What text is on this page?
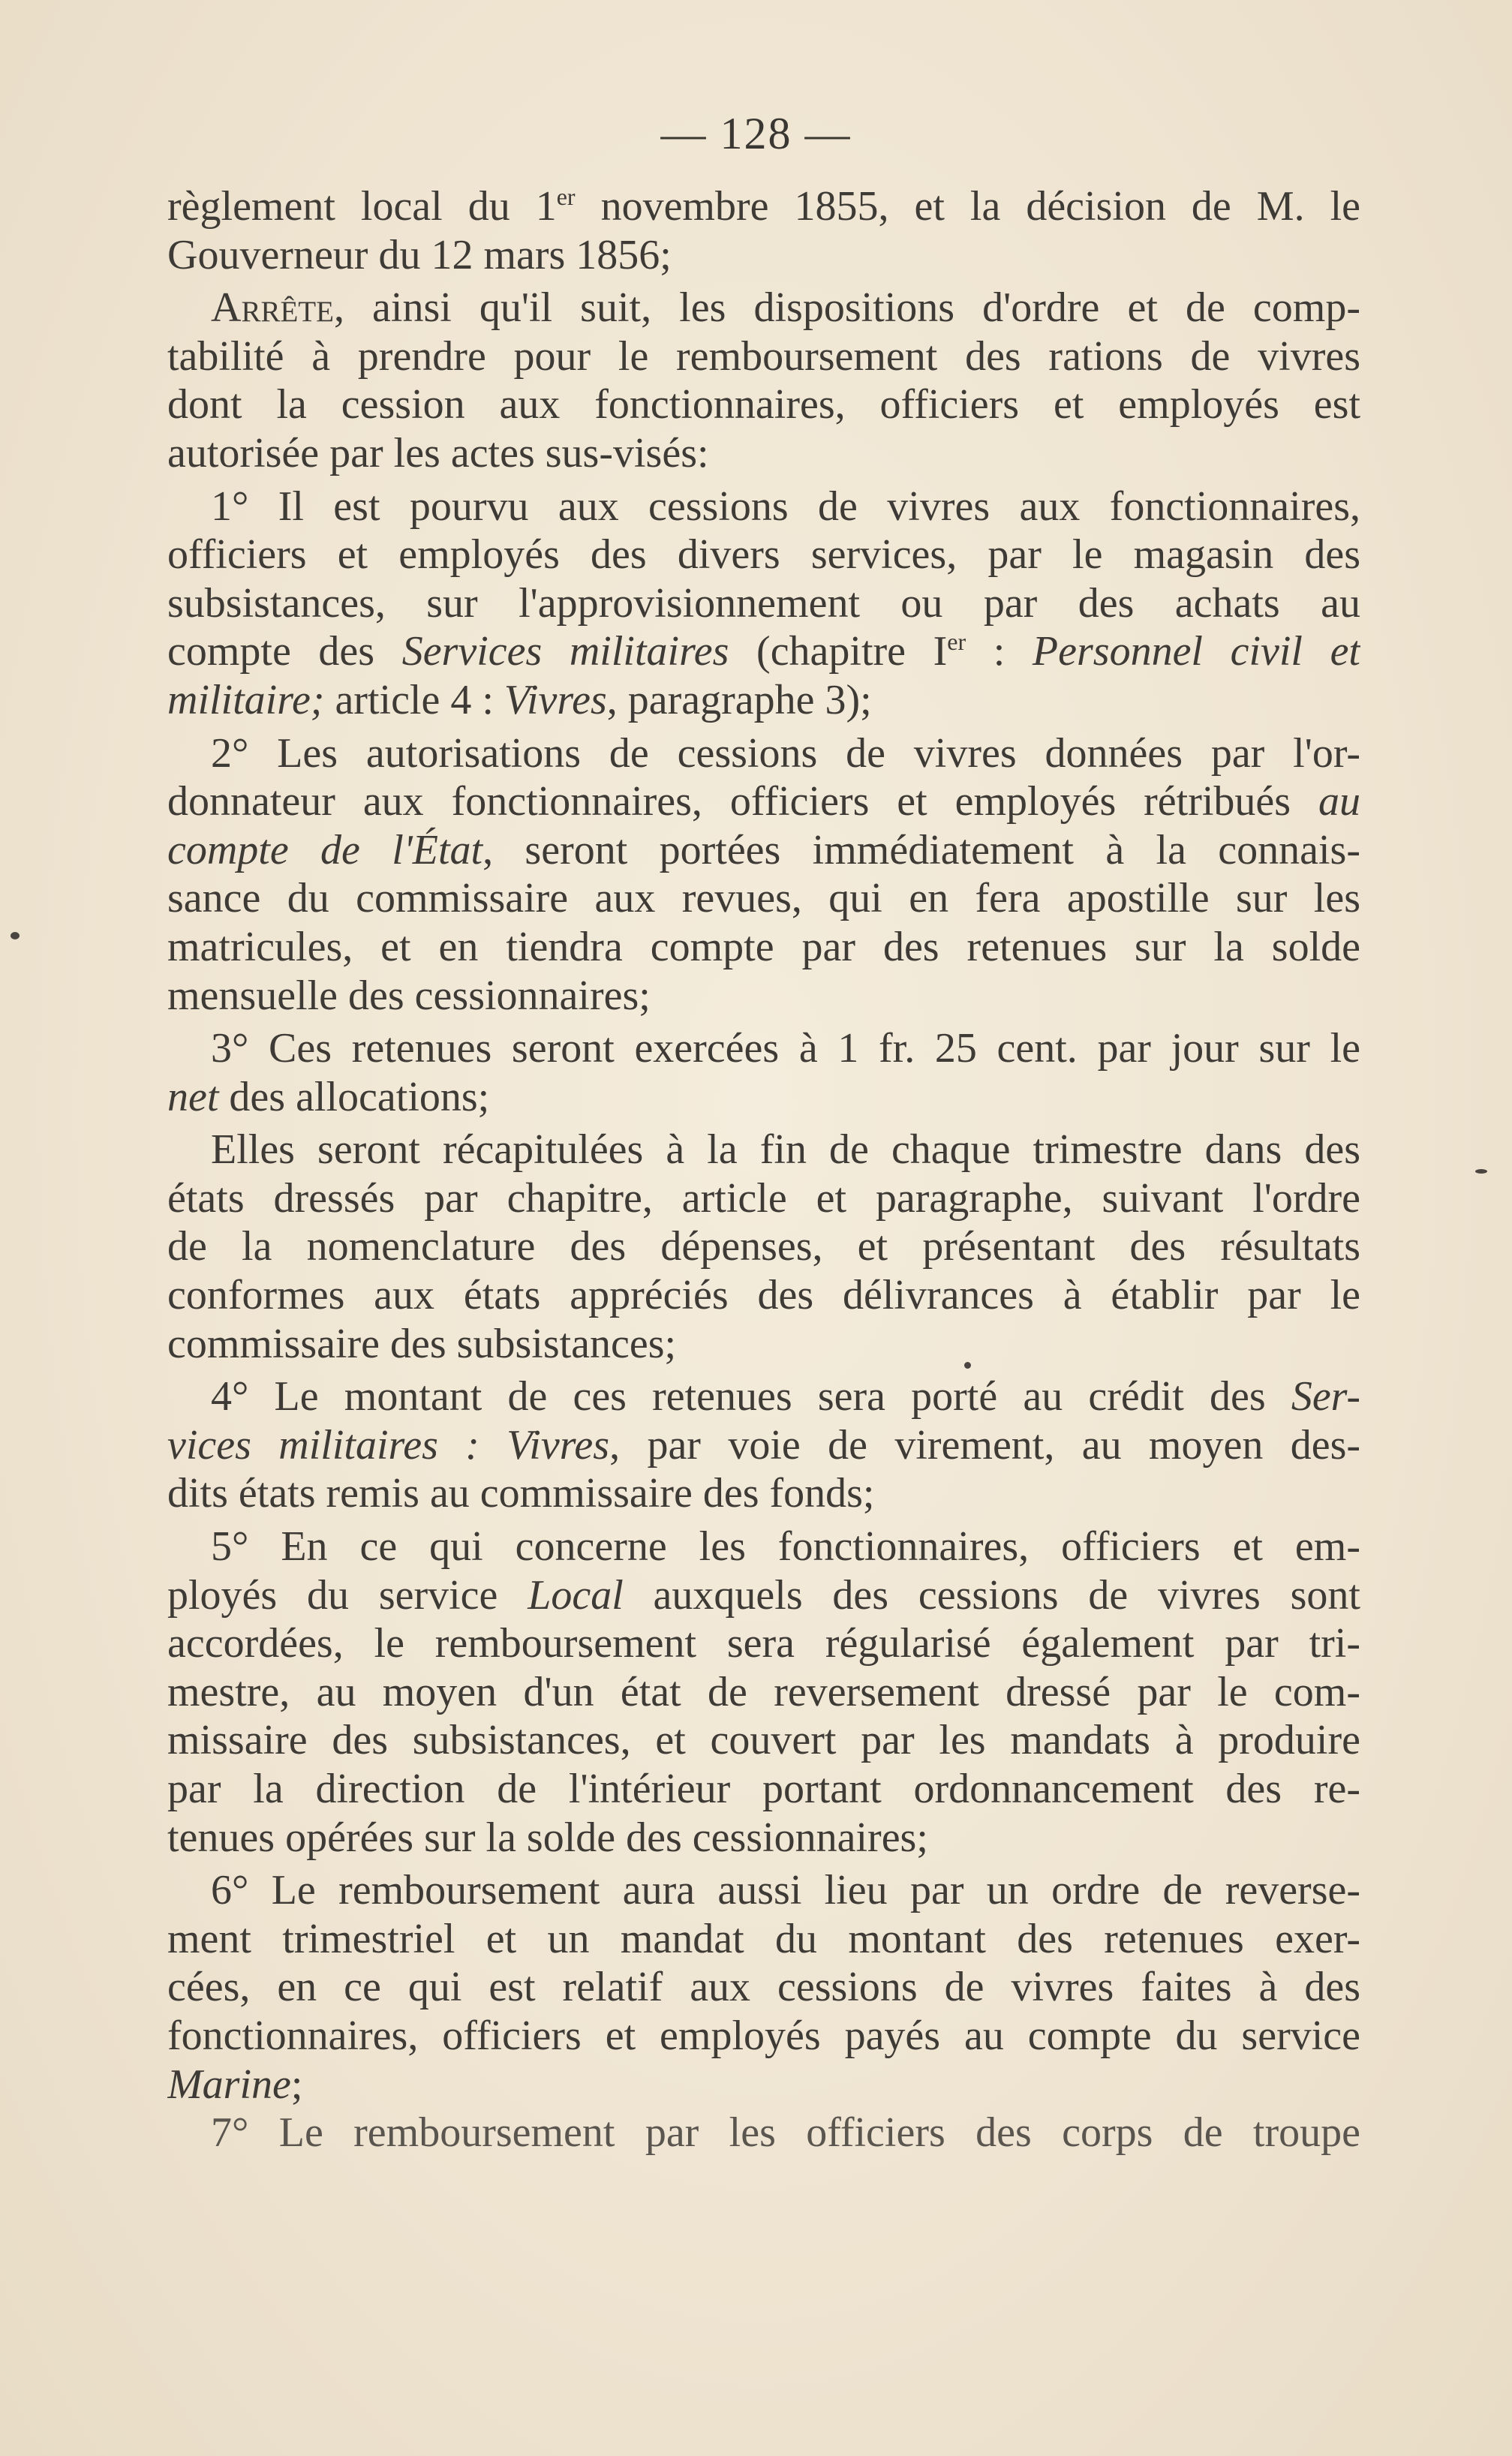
— 128 —
règlement local du 1er novembre 1855, et la décision de M. le
Gouverneur du 12 mars 1856;
Arrête, ainsi qu'il suit, les dispositions d'ordre et de comp-
tabilité à prendre pour le remboursement des rations de vivres
dont la cession aux fonctionnaires, officiers et employés est
autorisée par les actes sus-visés:
1° Il est pourvu aux cessions de vivres aux fonctionnaires,
officiers et employés des divers services, par le magasin des
subsistances, sur l'approvisionnement ou par des achats au
compte des Services militaires (chapitre Ier : Personnel civil et
militaire; article 4 : Vivres, paragraphe 3);
2° Les autorisations de cessions de vivres données par l'or-
donnateur aux fonctionnaires, officiers et employés rétribués au
compte de l'État, seront portées immédiatement à la connais-
sance du commissaire aux revues, qui en fera apostille sur les
matricules, et en tiendra compte par des retenues sur la solde
mensuelle des cessionnaires;
3° Ces retenues seront exercées à 1 fr. 25 cent. par jour sur le
net des allocations;
Elles seront récapitulées à la fin de chaque trimestre dans des
états dressés par chapitre, article et paragraphe, suivant l'ordre
de la nomenclature des dépenses, et présentant des résultats
conformes aux états appréciés des délivrances à établir par le
commissaire des subsistances;
4° Le montant de ces retenues sera porté au crédit des Ser-
vices militaires : Vivres, par voie de virement, au moyen des-
dits états remis au commissaire des fonds;
5° En ce qui concerne les fonctionnaires, officiers et em-
ployés du service Local auxquels des cessions de vivres sont
accordées, le remboursement sera régularisé également par tri-
mestre, au moyen d'un état de reversement dressé par le com-
missaire des subsistances, et couvert par les mandats à produire
par la direction de l'intérieur portant ordonnancement des re-
tenues opérées sur la solde des cessionnaires;
6° Le remboursement aura aussi lieu par un ordre de reverse-
ment trimestriel et un mandat du montant des retenues exer-
cées, en ce qui est relatif aux cessions de vivres faites à des
fonctionnaires, officiers et employés payés au compte du service
Marine;
7° Le remboursement par les officiers des corps de troupe
